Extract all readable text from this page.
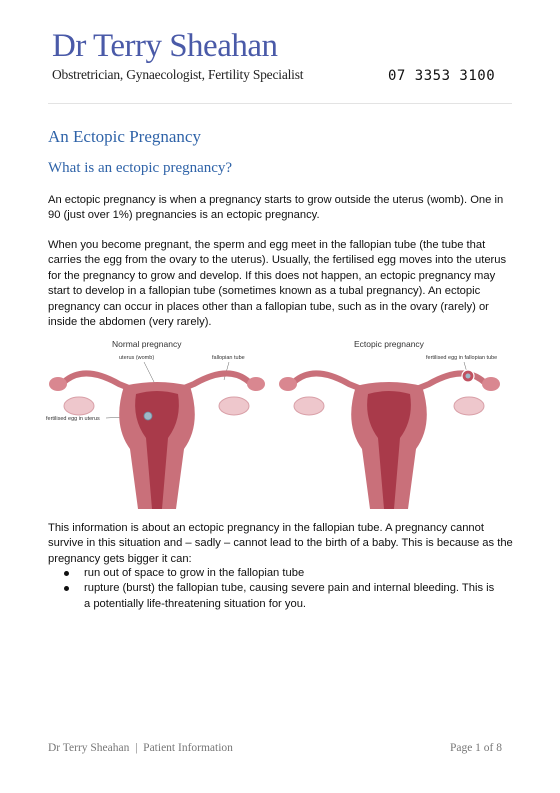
Dr Terry Sheahan
Obstretrician, Gynaecologist, Fertility Specialist	07 3353 3100
An Ectopic Pregnancy
What is an ectopic pregnancy?

An ectopic pregnancy is when a pregnancy starts to grow outside the uterus (womb). One in 90 (just over 1%) pregnancies is an ectopic pregnancy.

When you become pregnant, the sperm and egg meet in the fallopian tube (the tube that carries the egg from the ovary to the uterus). Usually, the fertilised egg moves into the uterus for the pregnancy to grow and develop. If this does not happen, an ectopic pregnancy may start to develop in a fallopian tube (sometimes known as a tubal pregnancy). An ectopic pregnancy can occur in places other than a fallopian tube, such as in the ovary (rarely) or inside the abdomen (very rarely).

Normal pregnancy
uterus (womb)	fallopian tube
fertilised egg in uterus
Ectopic pregnancy
fertilised egg in fallopian tube

This information is about an ectopic pregnancy in the fallopian tube. A pregnancy cannot survive in this situation and – sadly – cannot lead to the birth of a baby. This is because as the pregnancy gets bigger it can:

run out of space to grow in the fallopian tube
rupture (burst) the fallopian tube, causing severe pain and internal bleeding. This is a potentially life-threatening situation for you.
Dr Terry Sheahan  |  Patient Information	Page 1 of 8
